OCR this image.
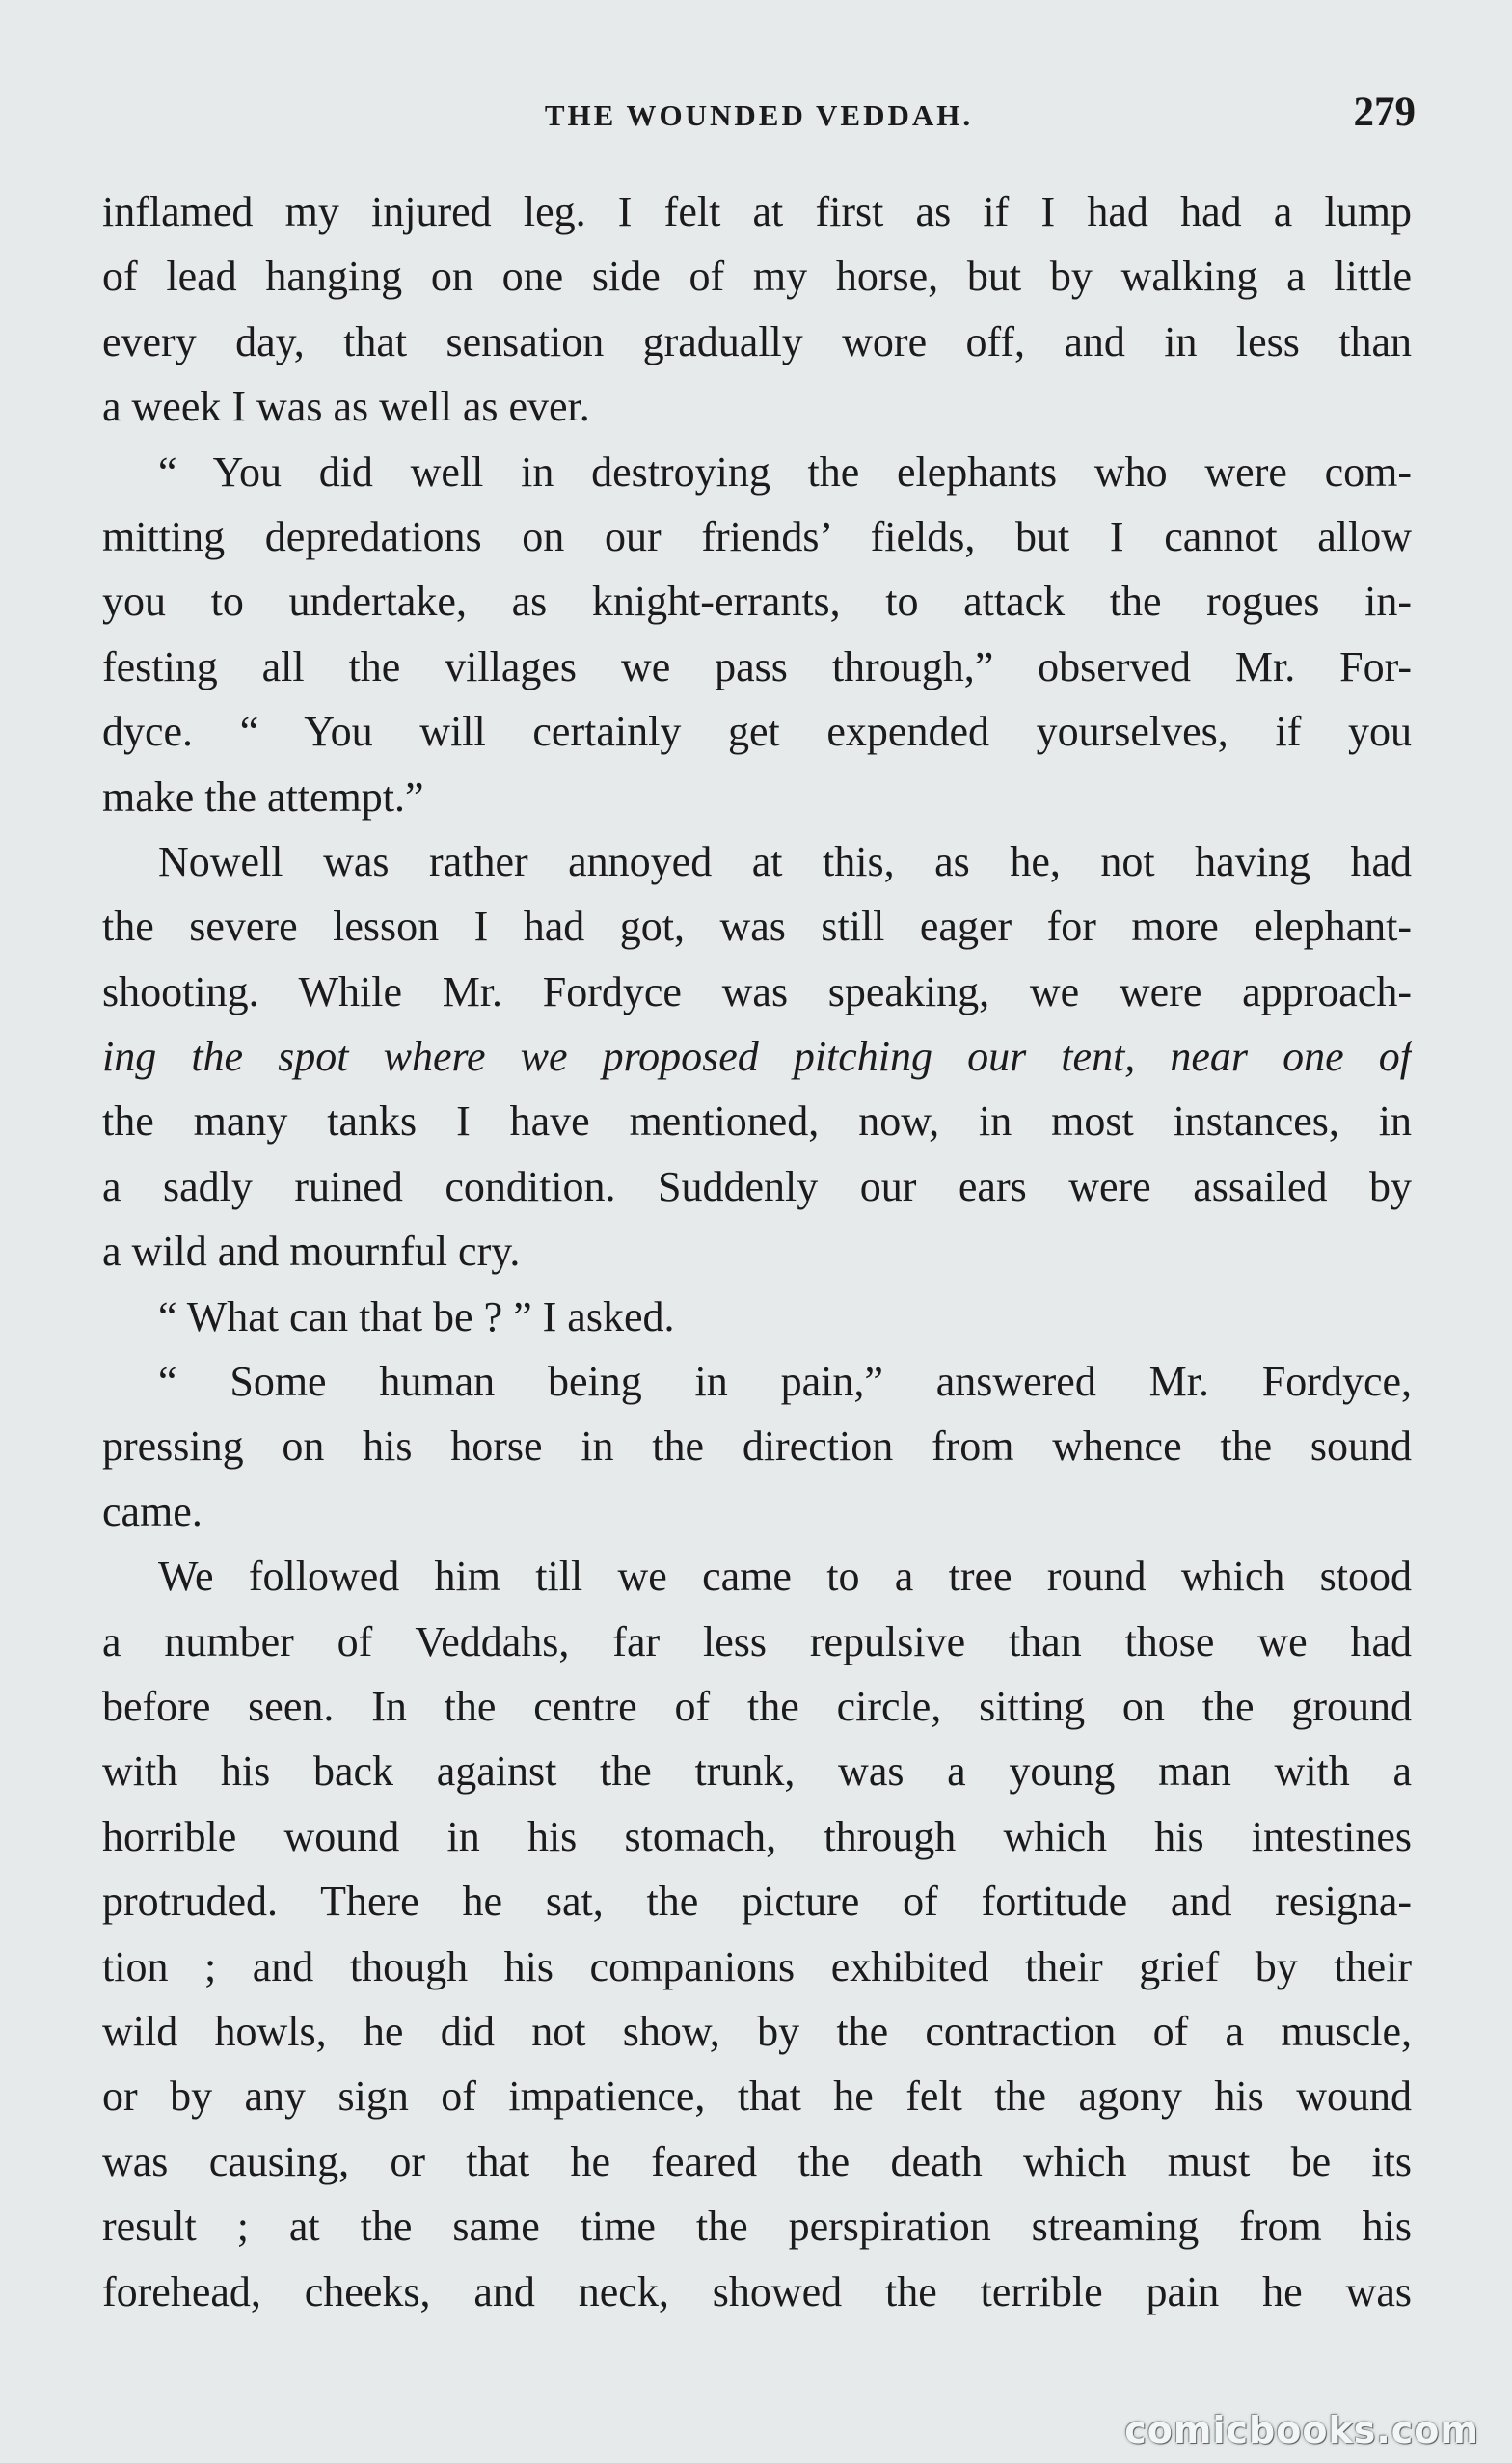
THE WOUNDED VEDDAH.	279
inflamed my injured leg. I felt at first as if I had had a lump
of lead hanging on one side of my horse, but by walking a little
every day, that sensation gradually wore off, and in less than
a week I was as well as ever.
“ You did well in destroying the elephants who were com-
mitting depredations on our friends’ fields, but I cannot allow
you to undertake, as knight-errants, to attack the rogues in-
festing all the villages we pass through,” observed Mr. For-
dyce. “ You will certainly get expended yourselves, if you
make the attempt.”
Nowell was rather annoyed at this, as he, not having had
the severe lesson I had got, was still eager for more elephant-
shooting. While Mr. Fordyce was speaking, we were approach-
ing the spot where we proposed pitching our tent, near one of
the many tanks I have mentioned, now, in most instances, in
a sadly ruined condition. Suddenly our ears were assailed by
a wild and mournful cry.
“ What can that be ? ” I asked.
“ Some human being in pain,” answered Mr. Fordyce,
pressing on his horse in the direction from whence the sound
came.
We followed him till we came to a tree round which stood
a number of Veddahs, far less repulsive than those we had
before seen. In the centre of the circle, sitting on the ground
with his back against the trunk, was a young man with a
horrible wound in his stomach, through which his intestines
protruded. There he sat, the picture of fortitude and resigna-
tion ; and though his companions exhibited their grief by their
wild howls, he did not show, by the contraction of a muscle,
or by any sign of impatience, that he felt the agony his wound
was causing, or that he feared the death which must be its
result ; at the same time the perspiration streaming from his
forehead, cheeks, and neck, showed the terrible pain he was
comicbooks.com
